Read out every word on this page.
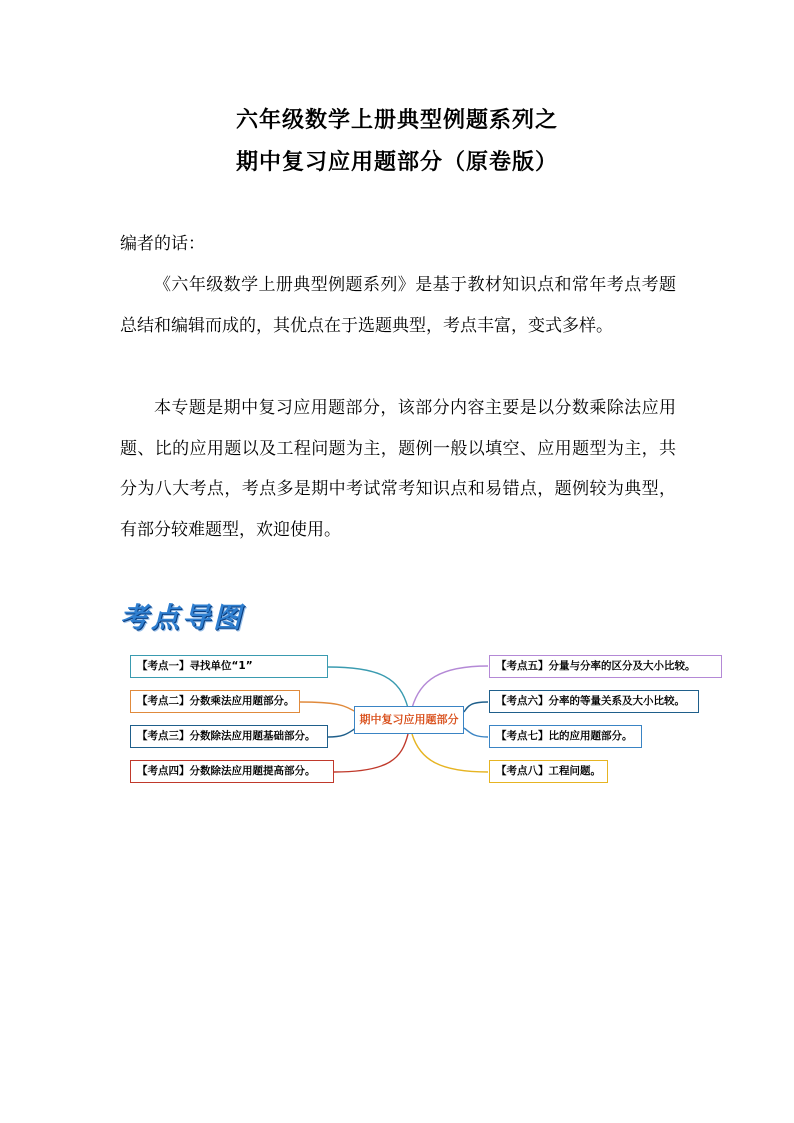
六年级数学上册典型例题系列之
期中复习应用题部分（原卷版）
编者的话：
《六年级数学上册典型例题系列》是基于教材知识点和常年考点考题总结和编辑而成的，其优点在于选题典型，考点丰富，变式多样。
本专题是期中复习应用题部分，该部分内容主要是以分数乘除法应用题、比的应用题以及工程问题为主，题例一般以填空、应用题型为主，共分为八大考点，考点多是期中考试常考知识点和易错点，题例较为典型，有部分较难题型，欢迎使用。
考点导图
期中复习应用题部分
【考点一】寻找单位“1”
【考点二】分数乘法应用题部分。
【考点三】分数除法应用题基础部分。
【考点四】分数除法应用题提高部分。
【考点五】分量与分率的区分及大小比较。
【考点六】分率的等量关系及大小比较。
【考点七】比的应用题部分。
【考点八】工程问题。
